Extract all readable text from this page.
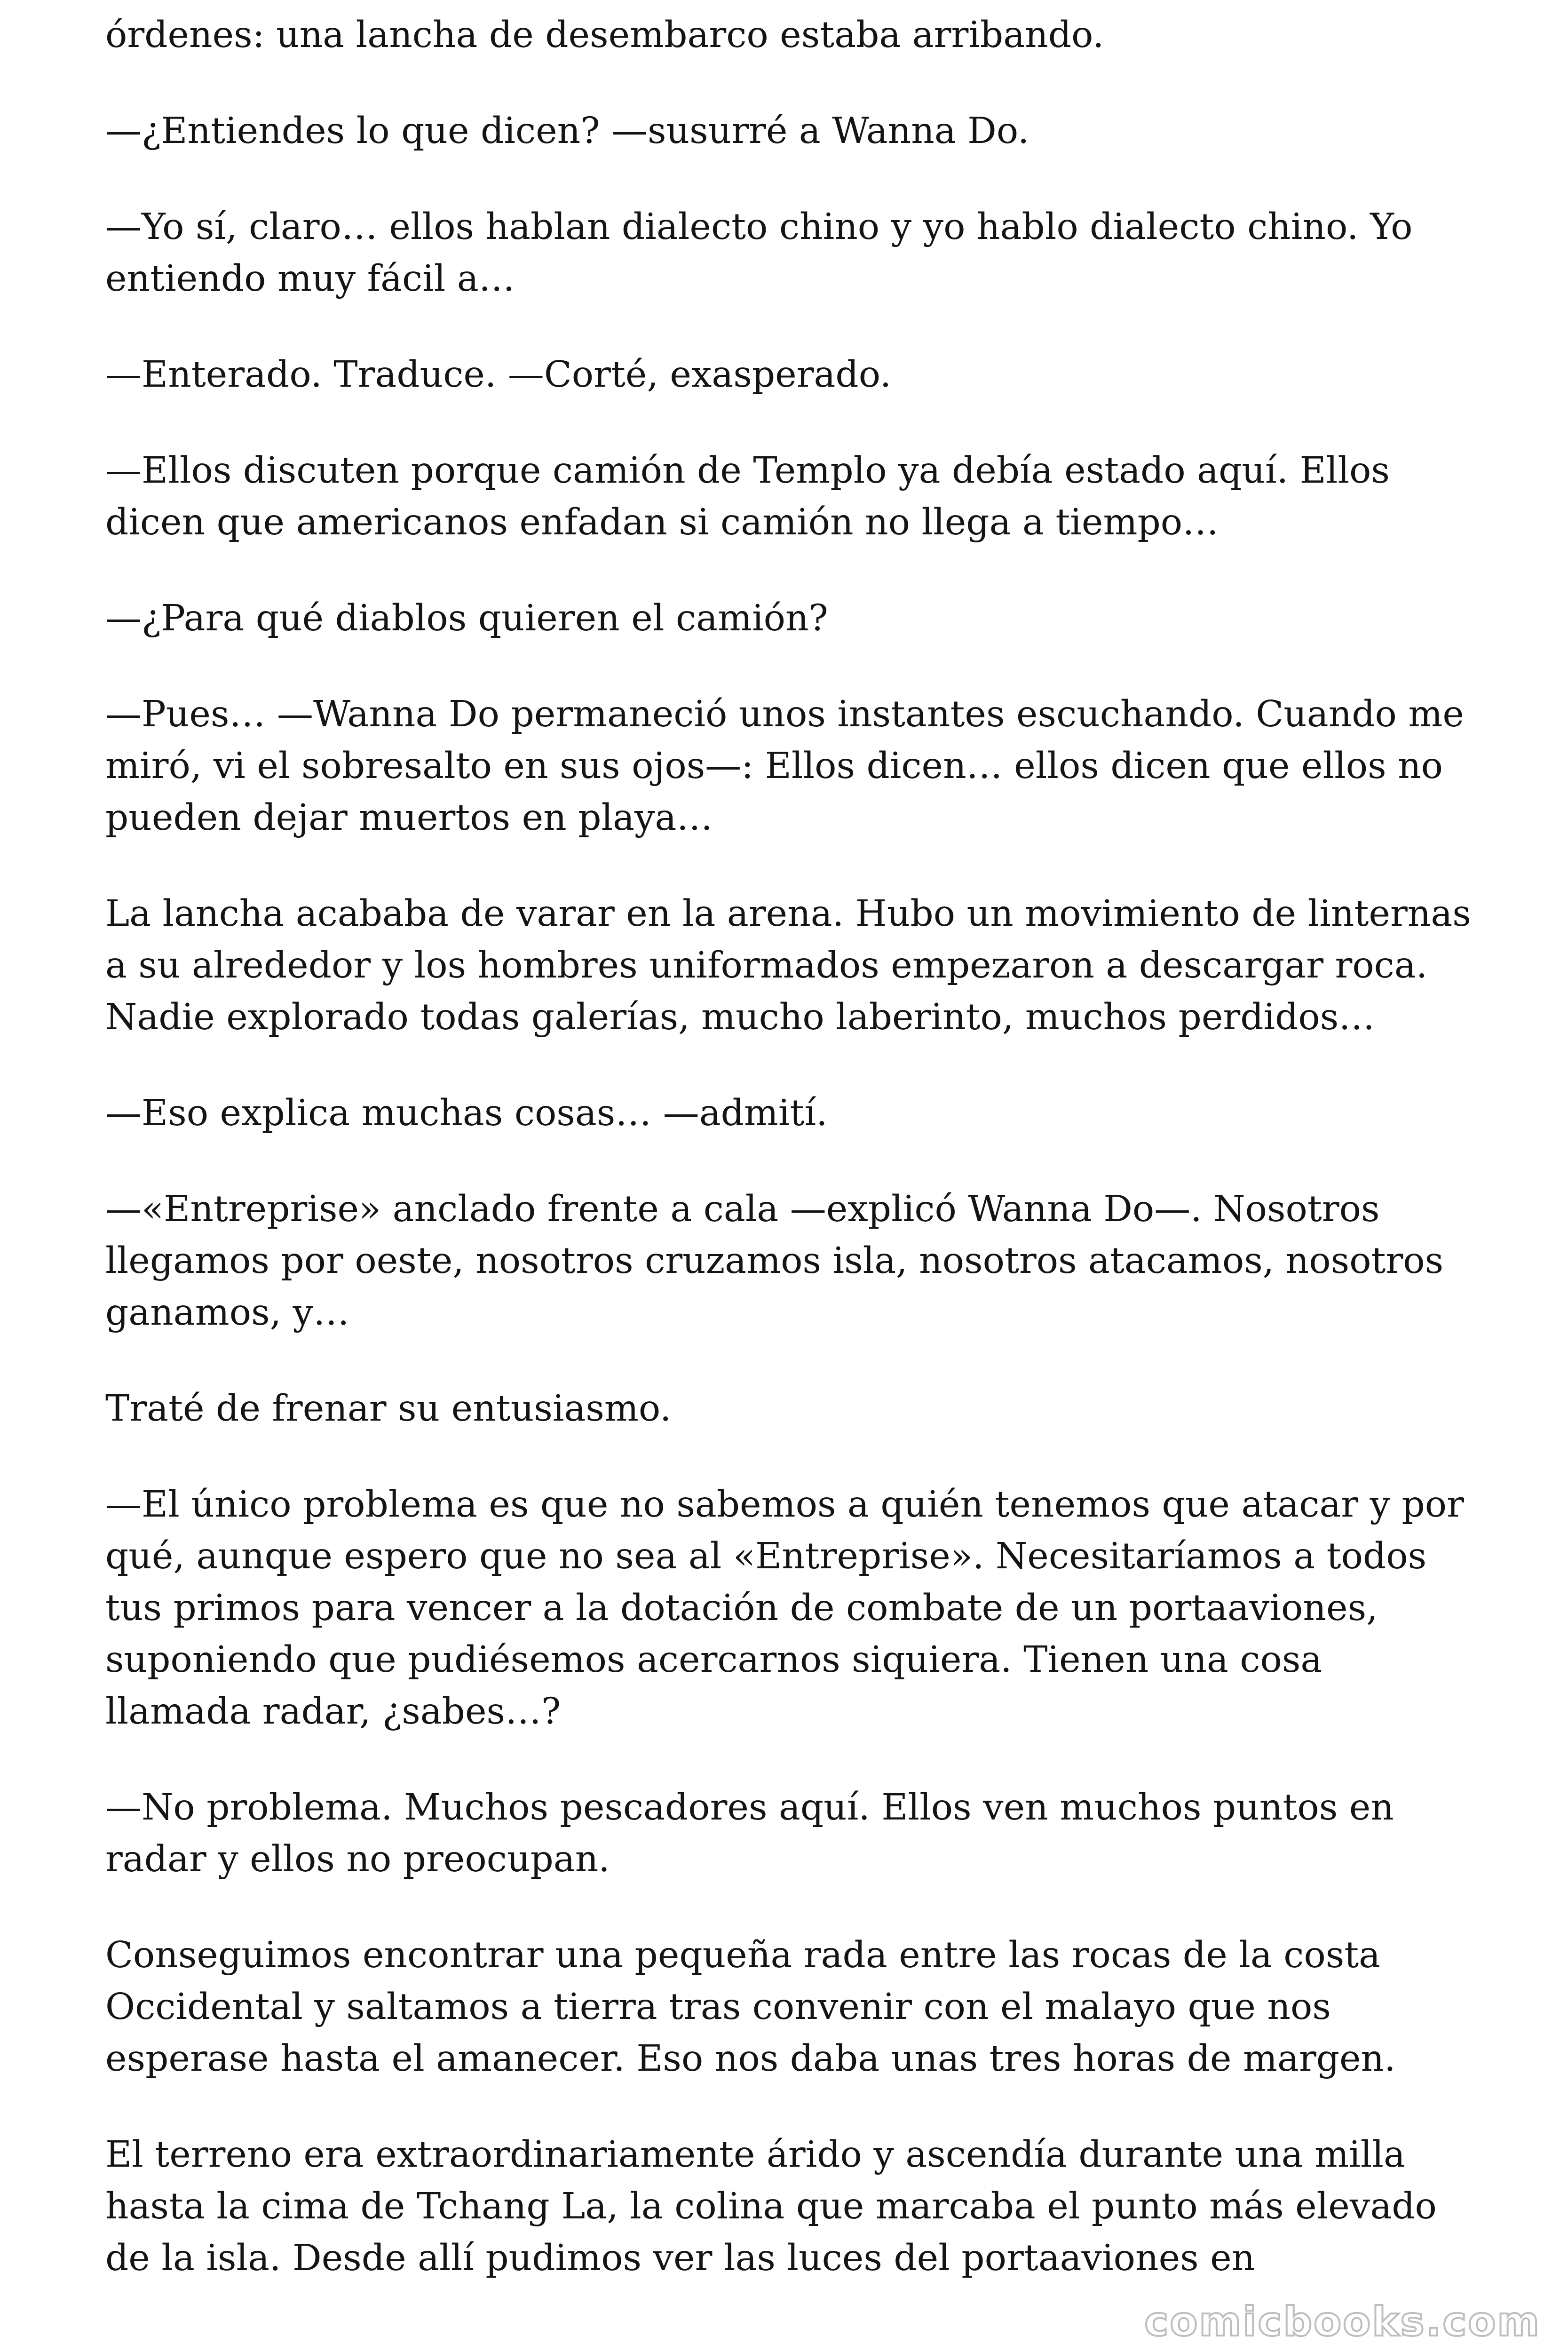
órdenes: una lancha de desembarco estaba arribando.

—¿Entiendes lo que dicen? —susurré a Wanna Do.

—Yo sí, claro… ellos hablan dialecto chino y yo hablo dialecto chino. Yo entiendo muy fácil a…

—Enterado. Traduce. —Corté, exasperado.

—Ellos discuten porque camión de Templo ya debía estado aquí. Ellos dicen que americanos enfadan si camión no llega a tiempo…

—¿Para qué diablos quieren el camión?

—Pues… —Wanna Do permaneció unos instantes escuchando. Cuando me miró, vi el sobresalto en sus ojos—: Ellos dicen… ellos dicen que ellos no pueden dejar muertos en playa…

La lancha acababa de varar en la arena. Hubo un movimiento de linternas a su alrededor y los hombres uniformados empezaron a descargar roca. Nadie explorado todas galerías, mucho laberinto, muchos perdidos…

—Eso explica muchas cosas… —admití.

—«Entreprise» anclado frente a cala —explicó Wanna Do—. Nosotros llegamos por oeste, nosotros cruzamos isla, nosotros atacamos, nosotros ganamos, y…

Traté de frenar su entusiasmo.

—El único problema es que no sabemos a quién tenemos que atacar y por qué, aunque espero que no sea al «Entreprise». Necesitaríamos a todos tus primos para vencer a la dotación de combate de un portaaviones, suponiendo que pudiésemos acercarnos siquiera. Tienen una cosa llamada radar, ¿sabes…?

—No problema. Muchos pescadores aquí. Ellos ven muchos puntos en radar y ellos no preocupan.

Conseguimos encontrar una pequeña rada entre las rocas de la costa Occidental y saltamos a tierra tras convenir con el malayo que nos esperase hasta el amanecer. Eso nos daba unas tres horas de margen.

El terreno era extraordinariamente árido y ascendía durante una milla hasta la cima de Tchang La, la colina que marcaba el punto más elevado de la isla. Desde allí pudimos ver las luces del portaaviones en

comicbooks.com
